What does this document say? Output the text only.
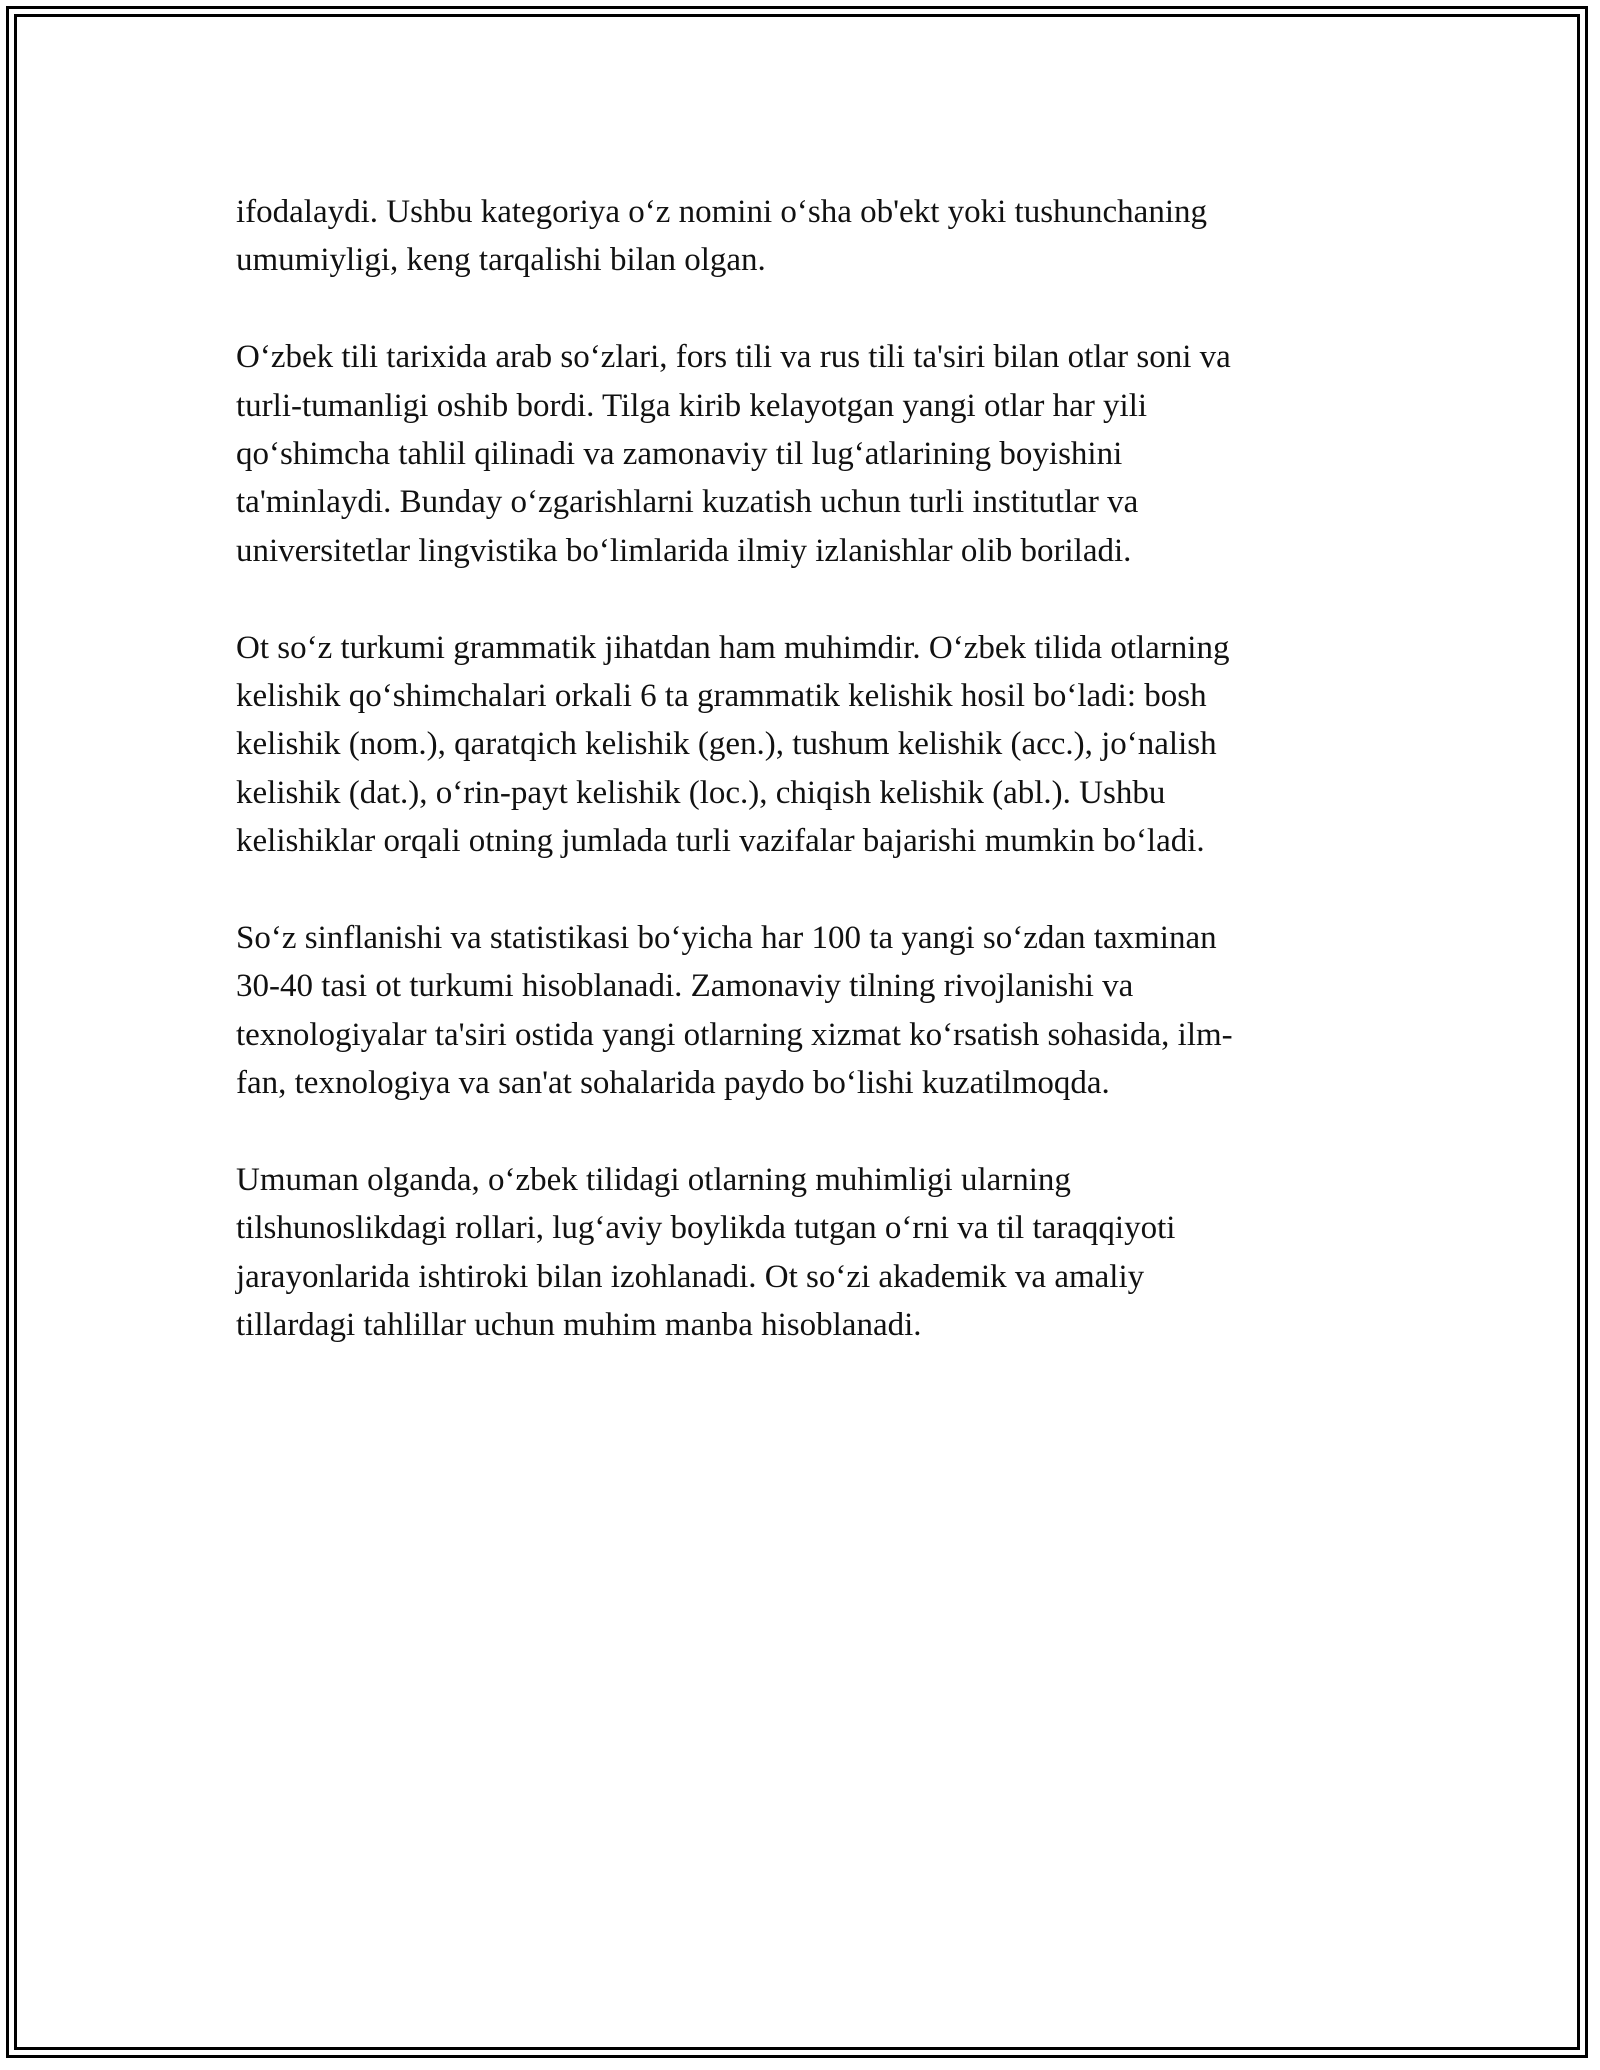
ifodalaydi. Ushbu kategoriya o‘z nomini o‘sha ob'ekt yoki tushunchaning
umumiyligi, keng tarqalishi bilan olgan.

O‘zbek tili tarixida arab so‘zlari, fors tili va rus tili ta'siri bilan otlar soni va
turli-tumanligi oshib bordi. Tilga kirib kelayotgan yangi otlar har yili
qo‘shimcha tahlil qilinadi va zamonaviy til lug‘atlarining boyishini
ta'minlaydi. Bunday o‘zgarishlarni kuzatish uchun turli institutlar va
universitetlar lingvistika bo‘limlarida ilmiy izlanishlar olib boriladi.

Ot so‘z turkumi grammatik jihatdan ham muhimdir. O‘zbek tilida otlarning
kelishik qo‘shimchalari orkali 6 ta grammatik kelishik hosil bo‘ladi: bosh
kelishik (nom.), qaratqich kelishik (gen.), tushum kelishik (acc.), jo‘nalish
kelishik (dat.), o‘rin-payt kelishik (loc.), chiqish kelishik (abl.). Ushbu
kelishiklar orqali otning jumlada turli vazifalar bajarishi mumkin bo‘ladi.

So‘z sinflanishi va statistikasi bo‘yicha har 100 ta yangi so‘zdan taxminan
30-40 tasi ot turkumi hisoblanadi. Zamonaviy tilning rivojlanishi va
texnologiyalar ta'siri ostida yangi otlarning xizmat ko‘rsatish sohasida, ilm-
fan, texnologiya va san'at sohalarida paydo bo‘lishi kuzatilmoqda.

Umuman olganda, o‘zbek tilidagi otlarning muhimligi ularning
tilshunoslikdagi rollari, lug‘aviy boylikda tutgan o‘rni va til taraqqiyoti
jarayonlarida ishtiroki bilan izohlanadi. Ot so‘zi akademik va amaliy
tillardagi tahlillar uchun muhim manba hisoblanadi.
